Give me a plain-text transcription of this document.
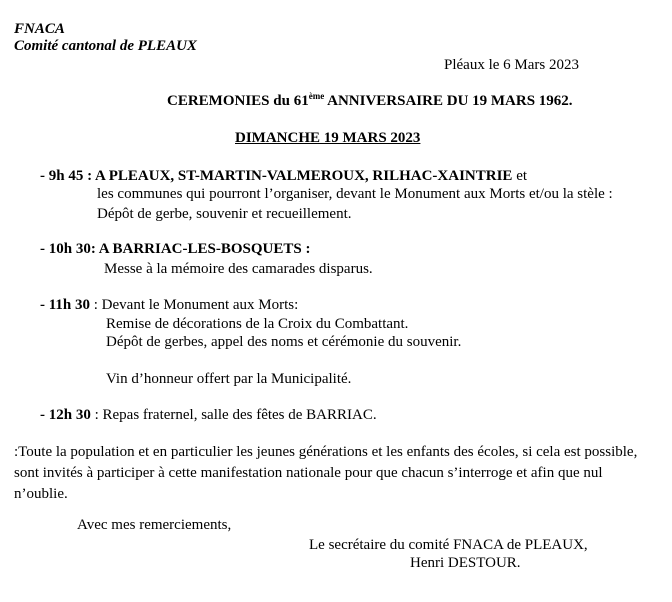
FNACA
Comité cantonal de PLEAUX
Pléaux le 6 Mars 2023
CEREMONIES du 61ème ANNIVERSAIRE DU 19 MARS 1962.
DIMANCHE 19 MARS 2023
- 9h 45 : A PLEAUX, ST-MARTIN-VALMEROUX, RILHAC-XAINTRIE et
les communes qui pourront l’organiser, devant le Monument aux Morts et/ou la stèle :
Dépôt de gerbe, souvenir et recueillement.
- 10h 30: A BARRIAC-LES-BOSQUETS :
Messe à la mémoire des camarades disparus.
- 11h 30 : Devant le Monument aux Morts:
Remise de décorations de la Croix du Combattant.
Dépôt de gerbes, appel des noms et cérémonie du souvenir.
Vin d’honneur offert par la Municipalité.
- 12h 30 : Repas fraternel, salle des fêtes de BARRIAC.
:Toute la population et en particulier les jeunes générations et les enfants des écoles, si cela est possible, sont invités à participer à cette manifestation nationale pour que chacun s’interroge et afin que nul n’oublie.
Avec mes remerciements,
Le secrétaire du comité FNACA de PLEAUX,
Henri DESTOUR.
